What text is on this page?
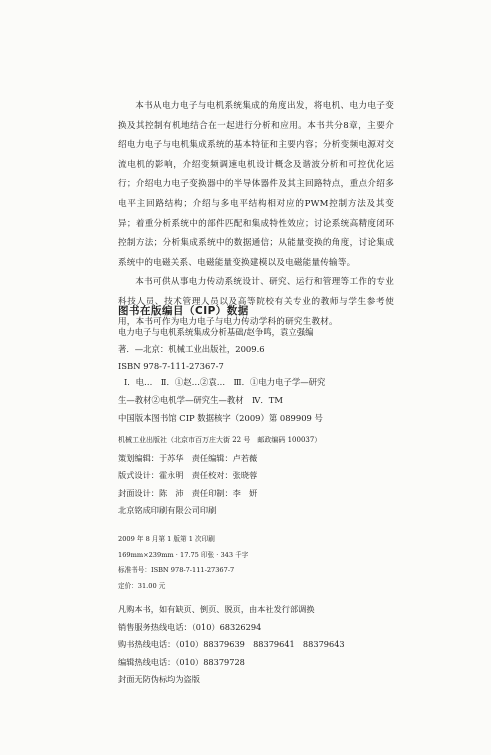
本书从电力电子与电机系统集成的角度出发，将电机、电力电子变换及其控制有机地结合在一起进行分析和应用。本书共分8章，主要介绍电力电子与电机集成系统的基本特征和主要内容；分析变频电源对交流电机的影响，介绍变频调速电机设计概念及谐波分析和可控优化运行；介绍电力电子变换器中的半导体器件及其主回路特点，重点介绍多电平主回路结构；介绍与多电平结构相对应的PWM控制方法及其变异；着重分析系统中的部件匹配和集成特性效应；讨论系统高精度闭环控制方法；分析集成系统中的数据通信；从能量变换的角度，讨论集成系统中的电磁关系、电磁能量变换建模以及电磁能量传输等。

本书可供从事电力传动系统设计、研究、运行和管理等工作的专业科技人员、技术管理人员以及高等院校有关专业的教师与学生参考使用，本书可作为电力电子与电力传动学科的研究生教材。

图书在版编目（CIP）数据
电力电子与电机系统集成分析基础/赵争鸣，袁立强编
著．—北京：机械工业出版社，2009.6
ISBN 978-7-111-27367-7
Ⅰ．电…　Ⅱ．①赵…②袁…　Ⅲ．①电力电子学—研究
生—教材②电机学—研究生—教材　Ⅳ．TM
中国版本图书馆 CIP 数据核字（2009）第 089909 号
机械工业出版社（北京市百万庄大街 22 号　邮政编码 100037）
策划编辑：于苏华　责任编辑：卢若薇
版式设计：霍永明　责任校对：张晓蓉
封面设计：陈　沛　责任印制：李　妍
北京铭成印刷有限公司印刷
2009 年 8 月第 1 版第 1 次印刷
169mm×239mm · 17.75 印张 · 343 千字
标准书号：ISBN 978-7-111-27367-7
定价：31.00 元
凡购本书，如有缺页、倒页、脱页，由本社发行部调换
销售服务热线电话：（010）68326294
购书热线电话：（010）88379639　88379641　88379643
编辑热线电话：（010）88379728
封面无防伪标均为盗版
